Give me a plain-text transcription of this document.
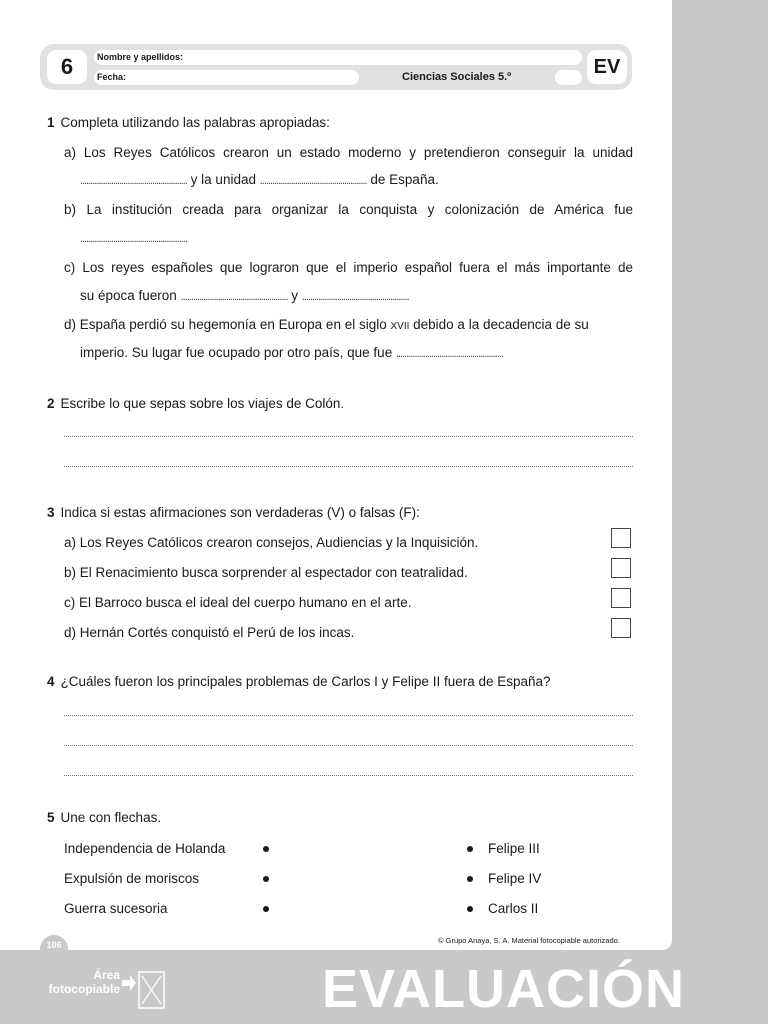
6	Nombre y apellidos:
Fecha:	Ciencias Sociales 5.º	EV
1 Completa utilizando las palabras apropiadas:
a) Los Reyes Católicos crearon un estado moderno y pretendieron conseguir la unidad
.................................................... y la unidad .................................................... de España.
b) La institución creada para organizar la conquista y colonización de América fue
....................................................
c) Los reyes españoles que lograron que el imperio español fuera el más importante de
su época fueron .................................................... y ....................................................
d) España perdió su hegemonía en Europa en el siglo XVII debido a la decadencia de su
imperio. Su lugar fue ocupado por otro país, que fue ....................................................
2 Escribe lo que sepas sobre los viajes de Colón.
3 Indica si estas afirmaciones son verdaderas (V) o falsas (F):
a) Los Reyes Católicos crearon consejos, Audiencias y la Inquisición.
b) El Renacimiento busca sorprender al espectador con teatralidad.
c) El Barroco busca el ideal del cuerpo humano en el arte.
d) Hernán Cortés conquistó el Perú de los incas.
4 ¿Cuáles fueron los principales problemas de Carlos I y Felipe II fuera de España?
5 Une con flechas.
Independencia de Holanda	Felipe III
Expulsión de moriscos	Felipe IV
Guerra sucesoria	Carlos II
© Grupo Anaya, S. A. Material fotocopiable autorizado.
106
Área
fotocopiable	EVALUACIÓN
